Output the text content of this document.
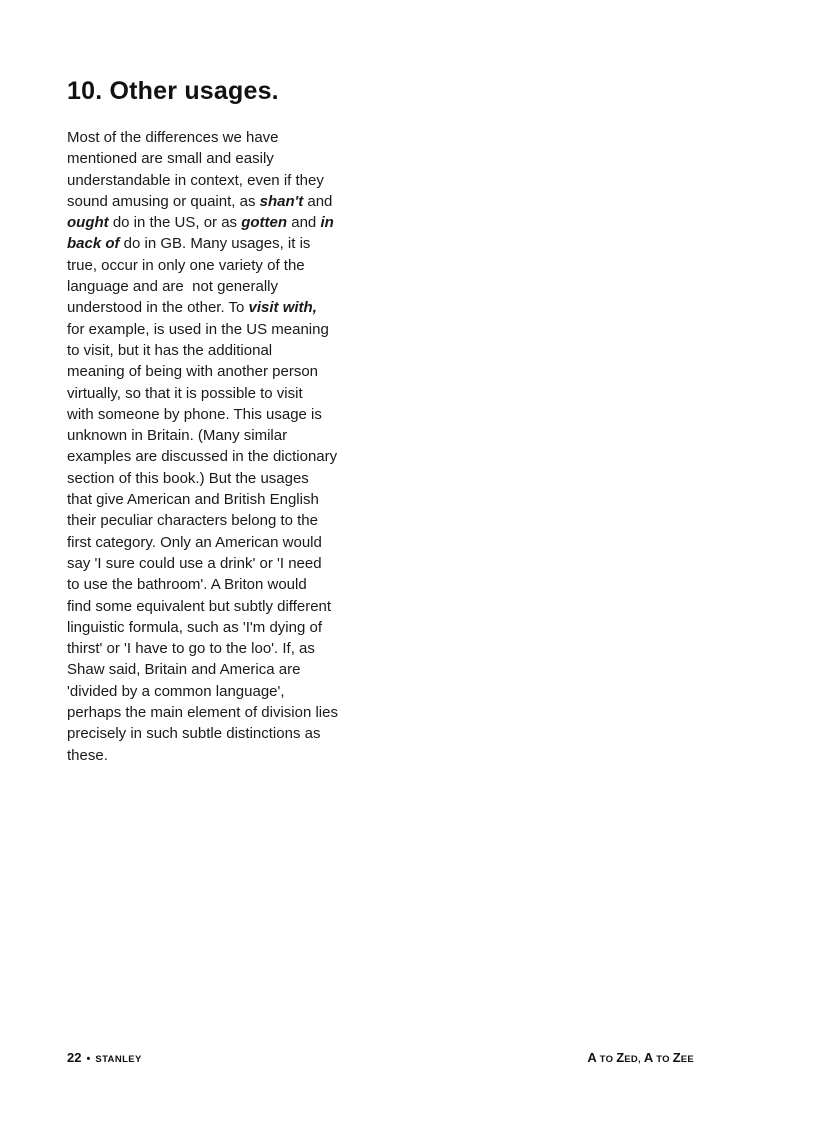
10. Other usages.
Most of the differences we have
mentioned are small and easily
understandable in context, even if they
sound amusing or quaint, as shan't and
ought do in the US, or as gotten and in
back of do in GB. Many usages, it is
true, occur in only one variety of the
language and are  not generally
understood in the other. To visit with,
for example, is used in the US meaning
to visit, but it has the additional
meaning of being with another person
virtually, so that it is possible to visit
with someone by phone. This usage is
unknown in Britain. (Many similar
examples are discussed in the dictionary
section of this book.) But the usages
that give American and British English
their peculiar characters belong to the
first category. Only an American would
say 'I sure could use a drink' or 'I need
to use the bathroom'. A Briton would
find some equivalent but subtly different
linguistic formula, such as 'I'm dying of
thirst' or 'I have to go to the loo'. If, as
Shaw said, Britain and America are
'divided by a common language',
perhaps the main element of division lies
precisely in such subtle distinctions as
these.
22 • STANLEY	A TO ZED, A TO ZEE
